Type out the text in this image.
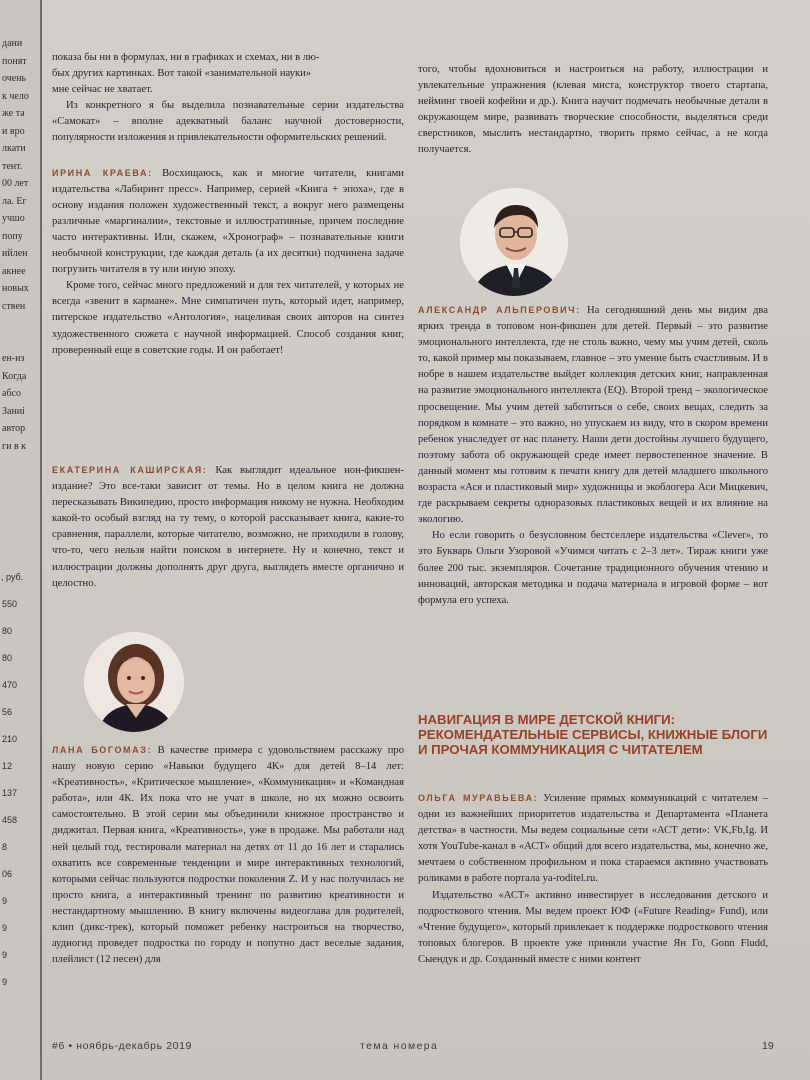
дани
понят
очень
к чело
же та
и вро
лкати
тент.
00 лет
ла. Ег
учшо
попу
ийлен
акнее
новых
ствен

ен-из
Когда
абсо
Заниі
автор
ги в к
, руб.
550
80
80
470
56
210
12
137
458
8
06
9
9
9
9

показа бы ни в формулах, ни в графиках и схемах, ни в лю-

бых других картинках. Вот такой «занимательной науки»

мне сейчас не хватает.

Из конкретного я бы выделила познавательные серии издательства «Самокат» – вполне адекватный баланс научной достоверности, популярности изложения и привлекательности оформительских решений.

ИРИНА КРАЕВА: Восхищаюсь, как и многие читатели, книгами издательства «Лабиринт пресс». Например, серией «Книга + эпоха», где в основу издания положен художественный текст, а вокруг него размещены различные «маргиналии», текстовые и иллюстративные, причем последние часто интерактивны. Или, скажем, «Хронограф» – познавательные книги необычной конструкции, где каждая деталь (а их десятки) подчинена задаче погрузить читателя в ту или иную эпоху.

Кроме того, сейчас много предложений и для тех читателей, у которых не всегда «звенит в кармане». Мне симпатичен путь, который идет, например, питерское издательство «Антология», нацеливая своих авторов на синтез художественного сюжета с научной информацией. Способ создания книг, проверенный еще в советские годы. И он работает!

ЕКАТЕРИНА КАШИРСКАЯ: Как выглядит идеальное нон-фикшен-издание? Это все-таки зависит от темы. Но в целом книга не должна пересказывать Википедию, просто информация никому не нужна. Необходим какой-то особый взгляд на ту тему, о которой рассказывает книга, какие-то сравнения, параллели, которые читателю, возможно, не приходили в голову, что-то, чего нельзя найти поиском в интернете. Ну и конечно, текст и иллюстрации должны дополнять друг друга, выглядеть вместе органично и целостно.

ЛАНА БОГОМАЗ: В качестве примера с удовольствием расскажу про нашу новую серию «Навыки будущего 4К» для детей 8–14 лет: «Креативность», «Критическое мышление», «Коммуникация» и «Командная работа», или 4К. Их пока что не учат в школе, но их можно освоить самостоятельно. В этой серии мы объединили книжное пространство и диджитал. Первая книга, «Креативность», уже в продаже. Мы работали над ней целый год, тестировали материал на детях от 11 до 16 лет и старались охватить все современные тенденции и мире интерактивных технологий, которыми сейчас пользуются подростки поколения Z. И у нас получилась не просто книга, а интерактивный тренинг по развитию креативности и нестандартному мышлению. В книгу включены видеоглава для родителей, клип (дикс-трек), который поможет ребенку настроиться на творчество, аудиогид проведет подростка по городу и попутно даст веселые задания, плейлист (12 песен) для

того, чтобы вдохновиться и настроиться на работу, иллюстрации и увлекательные упражнения (клевая миста, конструктор твоего стартапа, нейминг твоей кофейни и др.). Книга научит подмечать необычные детали в окружающем мире, развивать творческие способности, выделяться среди сверстников, мыслить нестандартно, творить прямо сейчас, а не когда получается.

АЛЕКСАНДР АЛЬПЕРОВИЧ: На сегодняшний день мы видим два ярких тренда в топовом нон-фикшен для детей. Первый – это развитие эмоционального интеллекта, где не столь важно, чему мы учим детей, сколь то, какой пример мы показываем, главное – это умение быть счастливым. И в нобре в нашем издательстве выйдет коллекция детских книг, направленная на развитие эмоционального интеллекта (EQ). Второй тренд – экологическое просвещение. Мы учим детей заботиться о себе, своих вещах, следить за порядком в комнате – это важно, но упускаем из виду, что в скором времени ребенок унаследует от нас планету. Наши дети достойны лучшего будущего, поэтому забота об окружающей среде имеет первостепенное значение. В данный момент мы готовим к печати книгу для детей младшего школьного возраста «Ася и пластиковый мир» художницы и экоблогера Аси Мицкевич, где раскрываем секреты одноразовых пластиковых вещей и их влияние на экологию.

Но если говорить о безусловном бестселлере издательства «Clever», то это Букварь Ольги Узоровой «Учимся читать с 2–3 лет». Тираж книги уже более 200 тыс. экземпляров. Сочетание традиционного обучения чтению и инноваций, авторская методика и подача материала в игровой форме – вот формула его успеха.

НАВИГАЦИЯ В МИРЕ ДЕТСКОЙ КНИГИ: РЕКОМЕНДАТЕЛЬНЫЕ СЕРВИСЫ, КНИЖНЫЕ БЛОГИ И ПРОЧАЯ КОММУНИКАЦИЯ С ЧИТАТЕЛЕМ

ОЛЬГА МУРАВЬЕВА: Усиление прямых коммуникаций с читателем – одни из важнейших приоритетов издательства и Департамента «Планета детства» в частности. Мы ведем социальные сети «АСТ дети»: VK,Fb,Ig. И хотя YouTube-канал в «АСТ» общий для всего издательства, мы, конечно же, мечтаем о собственном профильном и пока стараемся активно участвовать роликами в работе портала ya-roditel.ru.

Издательство «АСТ» активно инвестирует в исследования детского и подросткового чтения. Мы ведем проект ЮФ («Future Reading» Fund), или «Чтение будущего», который привлекает к поддержке подросткового чтения топовых блогеров. В проекте уже приняли участие Ян Го, Gonn Fludd, Сыендук и др. Созданный вместе с ними контент

#6 • ноябрь-декабрь 2019	тема номера	19
